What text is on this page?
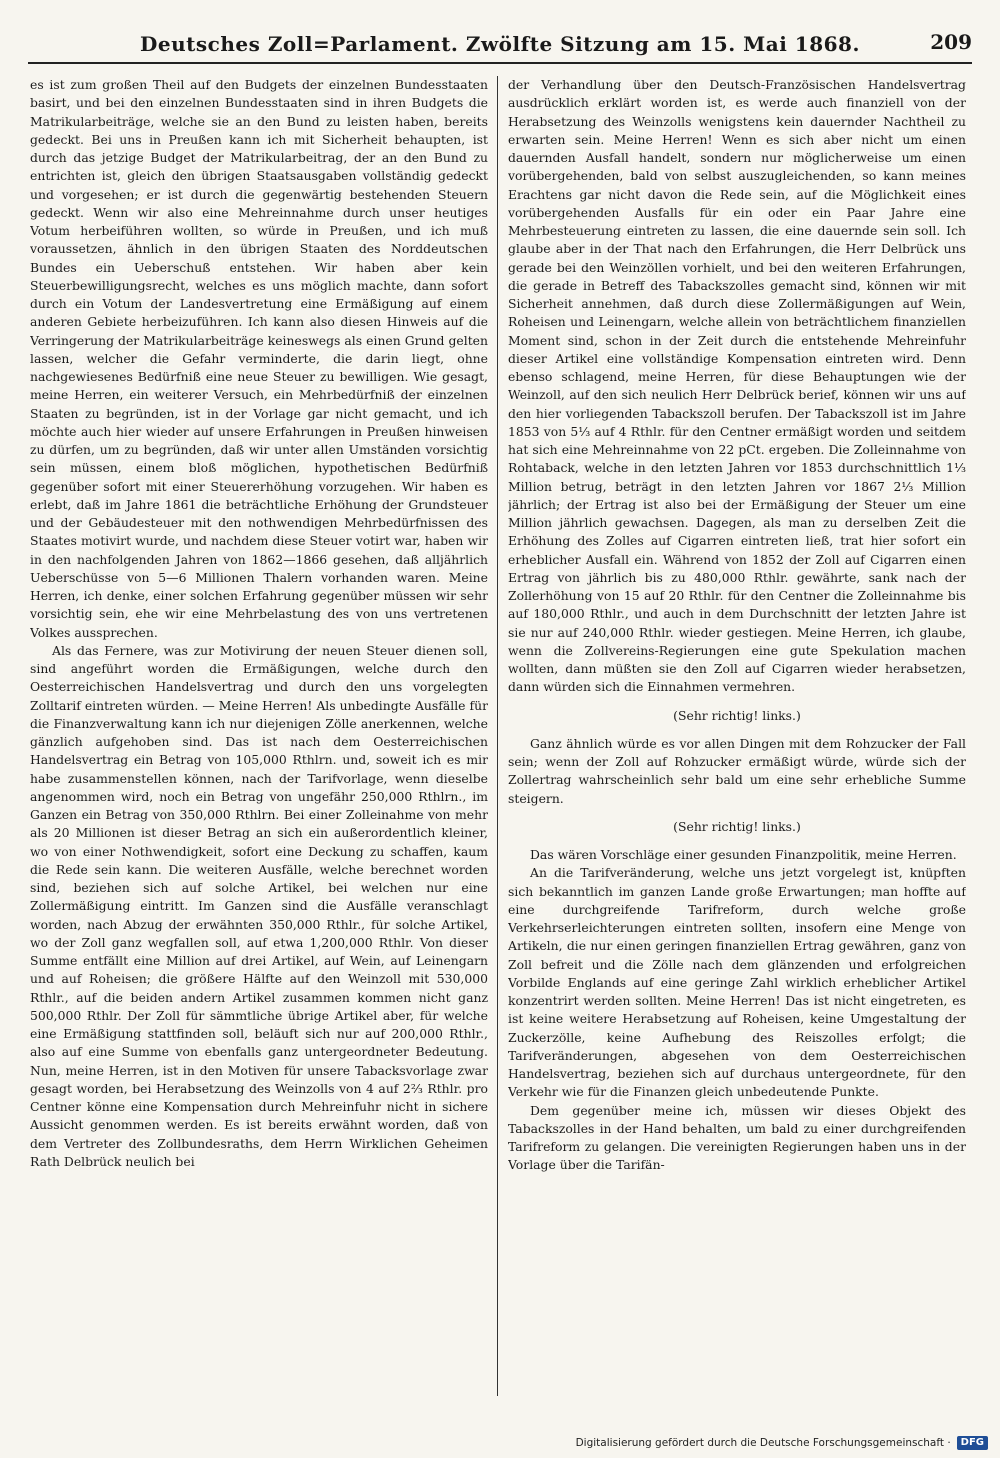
Deutsches Zoll=Parlament. Zwölfte Sitzung am 15. Mai 1868.	209

es ist zum großen Theil auf den Budgets der einzelnen Bundesstaaten basirt, und bei den einzelnen Bundesstaaten sind in ihren Budgets die Matrikularbeiträge, welche sie an den Bund zu leisten haben, bereits gedeckt. Bei uns in Preußen kann ich mit Sicherheit behaupten, ist durch das jetzige Budget der Matrikularbeitrag, der an den Bund zu entrichten ist, gleich den übrigen Staatsausgaben vollständig gedeckt und vorgesehen; er ist durch die gegenwärtig bestehenden Steuern gedeckt. Wenn wir also eine Mehreinnahme durch unser heutiges Votum herbeiführen wollten, so würde in Preußen, und ich muß voraussetzen, ähnlich in den übrigen Staaten des Norddeutschen Bundes ein Ueberschuß entstehen. Wir haben aber kein Steuerbewilligungsrecht, welches es uns möglich machte, dann sofort durch ein Votum der Landesvertretung eine Ermäßigung auf einem anderen Gebiete herbeizuführen. Ich kann also diesen Hinweis auf die Verringerung der Matrikularbeiträge keineswegs als einen Grund gelten lassen, welcher die Gefahr verminderte, die darin liegt, ohne nachgewiesenes Bedürfniß eine neue Steuer zu bewilligen. Wie gesagt, meine Herren, ein weiterer Versuch, ein Mehrbedürfniß der einzelnen Staaten zu begründen, ist in der Vorlage gar nicht gemacht, und ich möchte auch hier wieder auf unsere Erfahrungen in Preußen hinweisen zu dürfen, um zu begründen, daß wir unter allen Umständen vorsichtig sein müssen, einem bloß möglichen, hypothetischen Bedürfniß gegenüber sofort mit einer Steuererhöhung vorzugehen. Wir haben es erlebt, daß im Jahre 1861 die beträchtliche Erhöhung der Grundsteuer und der Gebäudesteuer mit den nothwendigen Mehrbedürfnissen des Staates motivirt wurde, und nachdem diese Steuer votirt war, haben wir in den nachfolgenden Jahren von 1862—1866 gesehen, daß alljährlich Ueberschüsse von 5—6 Millionen Thalern vorhanden waren. Meine Herren, ich denke, einer solchen Erfahrung gegenüber müssen wir sehr vorsichtig sein, ehe wir eine Mehrbelastung des von uns vertretenen Volkes aussprechen.

Als das Fernere, was zur Motivirung der neuen Steuer dienen soll, sind angeführt worden die Ermäßigungen, welche durch den Oesterreichischen Handelsvertrag und durch den uns vorgelegten Zolltarif eintreten würden. — Meine Herren! Als unbedingte Ausfälle für die Finanzverwaltung kann ich nur diejenigen Zölle anerkennen, welche gänzlich aufgehoben sind. Das ist nach dem Oesterreichischen Handelsvertrag ein Betrag von 105,000 Rthlrn. und, soweit ich es mir habe zusammenstellen können, nach der Tarifvorlage, wenn dieselbe angenommen wird, noch ein Betrag von ungefähr 250,000 Rthlrn., im Ganzen ein Betrag von 350,000 Rthlrn. Bei einer Zolleinahme von mehr als 20 Millionen ist dieser Betrag an sich ein außerordentlich kleiner, wo von einer Nothwendigkeit, sofort eine Deckung zu schaffen, kaum die Rede sein kann. Die weiteren Ausfälle, welche berechnet worden sind, beziehen sich auf solche Artikel, bei welchen nur eine Zollermäßigung eintritt. Im Ganzen sind die Ausfälle veranschlagt worden, nach Abzug der erwähnten 350,000 Rthlr., für solche Artikel, wo der Zoll ganz wegfallen soll, auf etwa 1,200,000 Rthlr. Von dieser Summe entfällt eine Million auf drei Artikel, auf Wein, auf Leinengarn und auf Roheisen; die größere Hälfte auf den Weinzoll mit 530,000 Rthlr., auf die beiden andern Artikel zusammen kommen nicht ganz 500,000 Rthlr. Der Zoll für sämmtliche übrige Artikel aber, für welche eine Ermäßigung stattfinden soll, beläuft sich nur auf 200,000 Rthlr., also auf eine Summe von ebenfalls ganz untergeordneter Bedeutung. Nun, meine Herren, ist in den Motiven für unsere Tabacksvorlage zwar gesagt worden, bei Herabsetzung des Weinzolls von 4 auf 2⅔ Rthlr. pro Centner könne eine Kompensation durch Mehreinfuhr nicht in sichere Aussicht genommen werden. Es ist bereits erwähnt worden, daß von dem Vertreter des Zollbundesraths, dem Herrn Wirklichen Geheimen Rath Delbrück neulich bei

der Verhandlung über den Deutsch-Französischen Handelsvertrag ausdrücklich erklärt worden ist, es werde auch finanziell von der Herabsetzung des Weinzolls wenigstens kein dauernder Nachtheil zu erwarten sein. Meine Herren! Wenn es sich aber nicht um einen dauernden Ausfall handelt, sondern nur möglicherweise um einen vorübergehenden, bald von selbst auszugleichenden, so kann meines Erachtens gar nicht davon die Rede sein, auf die Möglichkeit eines vorübergehenden Ausfalls für ein oder ein Paar Jahre eine Mehrbesteuerung eintreten zu lassen, die eine dauernde sein soll. Ich glaube aber in der That nach den Erfahrungen, die Herr Delbrück uns gerade bei den Weinzöllen vorhielt, und bei den weiteren Erfahrungen, die gerade in Betreff des Tabackszolles gemacht sind, können wir mit Sicherheit annehmen, daß durch diese Zollermäßigungen auf Wein, Roheisen und Leinengarn, welche allein von beträchtlichem finanziellen Moment sind, schon in der Zeit durch die entstehende Mehreinfuhr dieser Artikel eine vollständige Kompensation eintreten wird. Denn ebenso schlagend, meine Herren, für diese Behauptungen wie der Weinzoll, auf den sich neulich Herr Delbrück berief, können wir uns auf den hier vorliegenden Tabackszoll berufen. Der Tabackszoll ist im Jahre 1853 von 5⅓ auf 4 Rthlr. für den Centner ermäßigt worden und seitdem hat sich eine Mehreinnahme von 22 pCt. ergeben. Die Zolleinnahme von Rohtaback, welche in den letzten Jahren vor 1853 durchschnittlich 1⅓ Million betrug, beträgt in den letzten Jahren vor 1867 2⅓ Million jährlich; der Ertrag ist also bei der Ermäßigung der Steuer um eine Million jährlich gewachsen. Dagegen, als man zu derselben Zeit die Erhöhung des Zolles auf Cigarren eintreten ließ, trat hier sofort ein erheblicher Ausfall ein. Während von 1852 der Zoll auf Cigarren einen Ertrag von jährlich bis zu 480,000 Rthlr. gewährte, sank nach der Zollerhöhung von 15 auf 20 Rthlr. für den Centner die Zolleinnahme bis auf 180,000 Rthlr., und auch in dem Durchschnitt der letzten Jahre ist sie nur auf 240,000 Rthlr. wieder gestiegen. Meine Herren, ich glaube, wenn die Zollvereins-Regierungen eine gute Spekulation machen wollten, dann müßten sie den Zoll auf Cigarren wieder herabsetzen, dann würden sich die Einnahmen vermehren.

(Sehr richtig! links.)

Ganz ähnlich würde es vor allen Dingen mit dem Rohzucker der Fall sein; wenn der Zoll auf Rohzucker ermäßigt würde, würde sich der Zollertrag wahrscheinlich sehr bald um eine sehr erhebliche Summe steigern.

(Sehr richtig! links.)

Das wären Vorschläge einer gesunden Finanzpolitik, meine Herren.

An die Tarifveränderung, welche uns jetzt vorgelegt ist, knüpften sich bekanntlich im ganzen Lande große Erwartungen; man hoffte auf eine durchgreifende Tarifreform, durch welche große Verkehrserleichterungen eintreten sollten, insofern eine Menge von Artikeln, die nur einen geringen finanziellen Ertrag gewähren, ganz von Zoll befreit und die Zölle nach dem glänzenden und erfolgreichen Vorbilde Englands auf eine geringe Zahl wirklich erheblicher Artikel konzentrirt werden sollten. Meine Herren! Das ist nicht eingetreten, es ist keine weitere Herabsetzung auf Roheisen, keine Umgestaltung der Zuckerzölle, keine Aufhebung des Reiszolles erfolgt; die Tarifveränderungen, abgesehen von dem Oesterreichischen Handelsvertrag, beziehen sich auf durchaus untergeordnete, für den Verkehr wie für die Finanzen gleich unbedeutende Punkte.

Dem gegenüber meine ich, müssen wir dieses Objekt des Tabackszolles in der Hand behalten, um bald zu einer durchgreifenden Tarifreform zu gelangen. Die vereinigten Regierungen haben uns in der Vorlage über die Tarifän-

Digitalisierung gefördert durch die Deutsche Forschungsgemeinschaft ·	DFG
